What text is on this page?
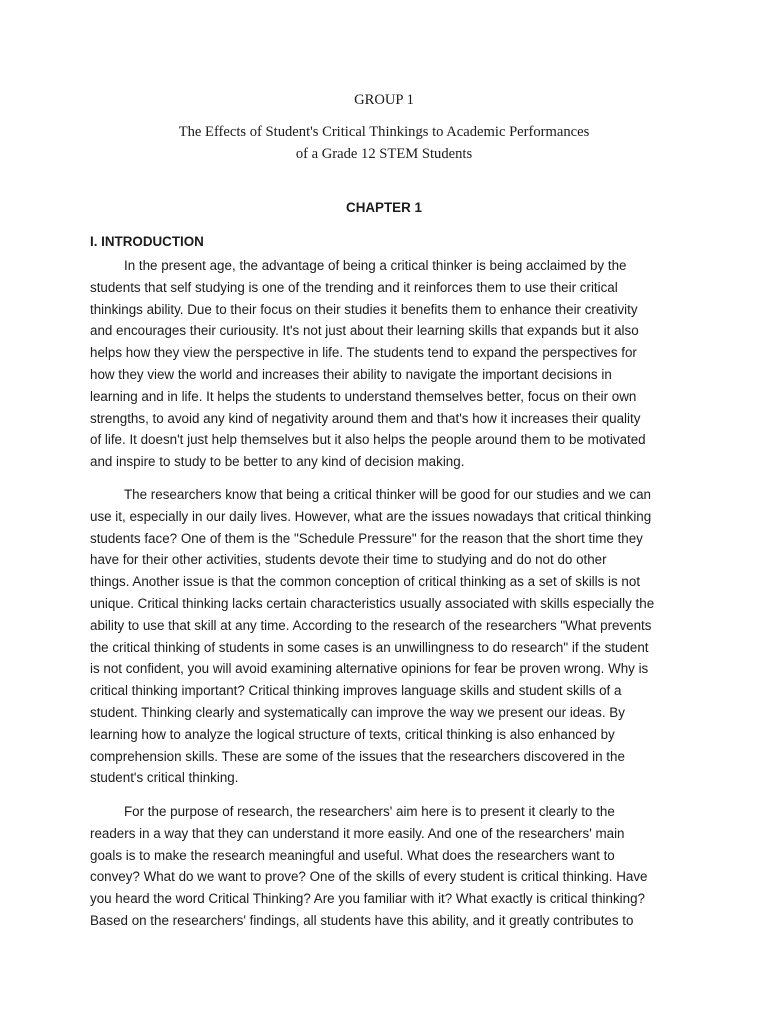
GROUP 1

The Effects of Student's Critical Thinkings to Academic Performances

of a Grade 12 STEM Students

CHAPTER 1

I. INTRODUCTION

In the present age, the advantage of being a critical thinker is being acclaimed by the
students that self studying is one of the trending and it reinforces them to use their critical
thinkings ability. Due to their focus on their studies it benefits them to enhance their creativity
and encourages their curiousity. It's not just about their learning skills that expands but it also
helps how they view the perspective in life. The students tend to expand the perspectives for
how they view the world and increases their ability to navigate the important decisions in
learning and in life. It helps the students to understand themselves better, focus on their own
strengths, to avoid any kind of negativity around them and that's how it increases their quality
of life. It doesn't just help themselves but it also helps the people around them to be motivated
and inspire to study to be better to any kind of decision making.
The researchers know that being a critical thinker will be good for our studies and we can
use it, especially in our daily lives. However, what are the issues nowadays that critical thinking
students face? One of them is the "Schedule Pressure" for the reason that the short time they
have for their other activities, students devote their time to studying and do not do other
things. Another issue is that the common conception of critical thinking as a set of skills is not
unique. Critical thinking lacks certain characteristics usually associated with skills especially the
ability to use that skill at any time. According to the research of the researchers "What prevents
the critical thinking of students in some cases is an unwillingness to do research" if the student
is not confident, you will avoid examining alternative opinions for fear be proven wrong. Why is
critical thinking important? Critical thinking improves language skills and student skills of a
student. Thinking clearly and systematically can improve the way we present our ideas. By
learning how to analyze the logical structure of texts, critical thinking is also enhanced by
comprehension skills. These are some of the issues that the researchers discovered in the
student's critical thinking.
For the purpose of research, the researchers' aim here is to present it clearly to the
readers in a way that they can understand it more easily. And one of the researchers' main
goals is to make the research meaningful and useful. What does the researchers want to
convey? What do we want to prove? One of the skills of every student is critical thinking. Have
you heard the word Critical Thinking? Are you familiar with it? What exactly is critical thinking?
Based on the researchers' findings, all students have this ability, and it greatly contributes to
